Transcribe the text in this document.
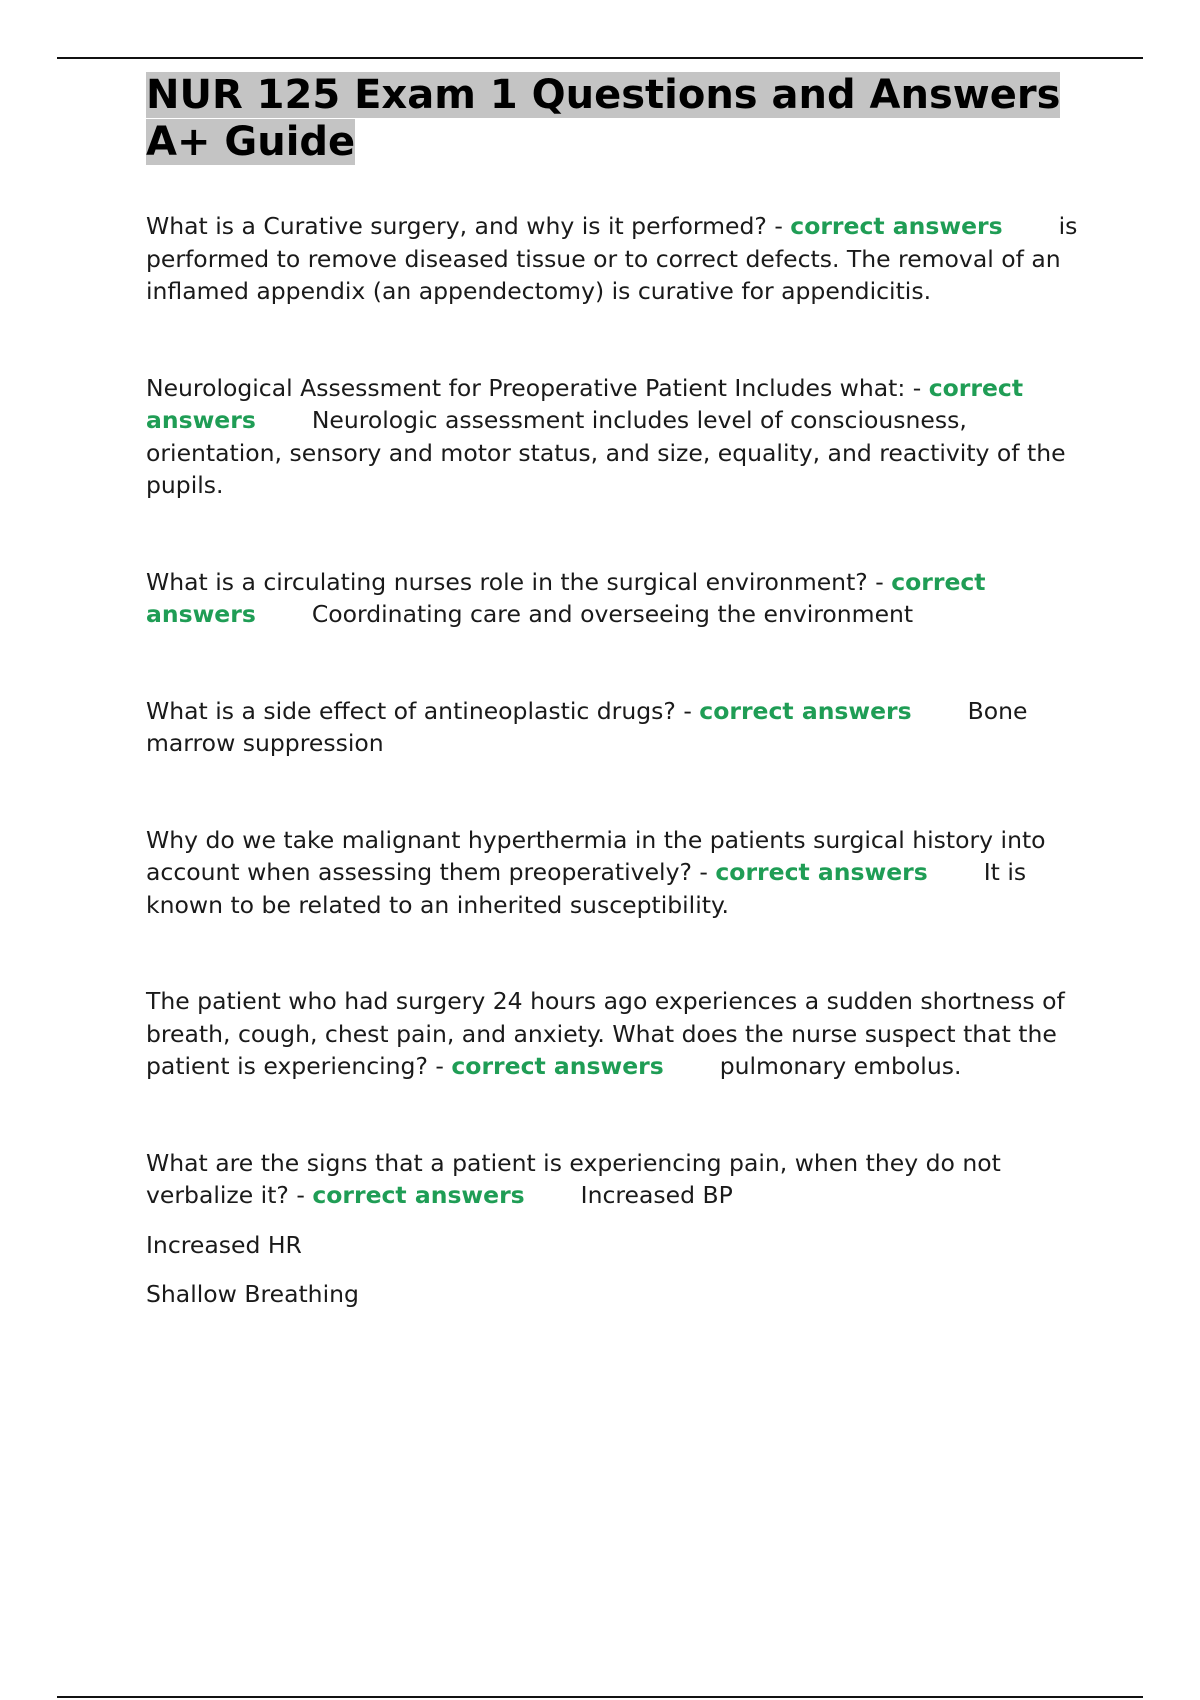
NUR 125 Exam 1 Questions and Answers A+ Guide

What is a Curative surgery, and why is it performed? - correct answers is performed to remove diseased tissue or to correct defects. The removal of an inflamed appendix (an appendectomy) is curative for appendicitis.

Neurological Assessment for Preoperative Patient Includes what: - correct answers Neurologic assessment includes level of consciousness, orientation, sensory and motor status, and size, equality, and reactivity of the pupils.

What is a circulating nurses role in the surgical environment? - correct answers Coordinating care and overseeing the environment

What is a side effect of antineoplastic drugs? - correct answers Bone marrow suppression

Why do we take malignant hyperthermia in the patients surgical history into account when assessing them preoperatively? - correct answers It is known to be related to an inherited susceptibility.

The patient who had surgery 24 hours ago experiences a sudden shortness of breath, cough, chest pain, and anxiety. What does the nurse suspect that the patient is experiencing? - correct answers pulmonary embolus.

What are the signs that a patient is experiencing pain, when they do not verbalize it? - correct answers Increased BP

Increased HR
Shallow Breathing
